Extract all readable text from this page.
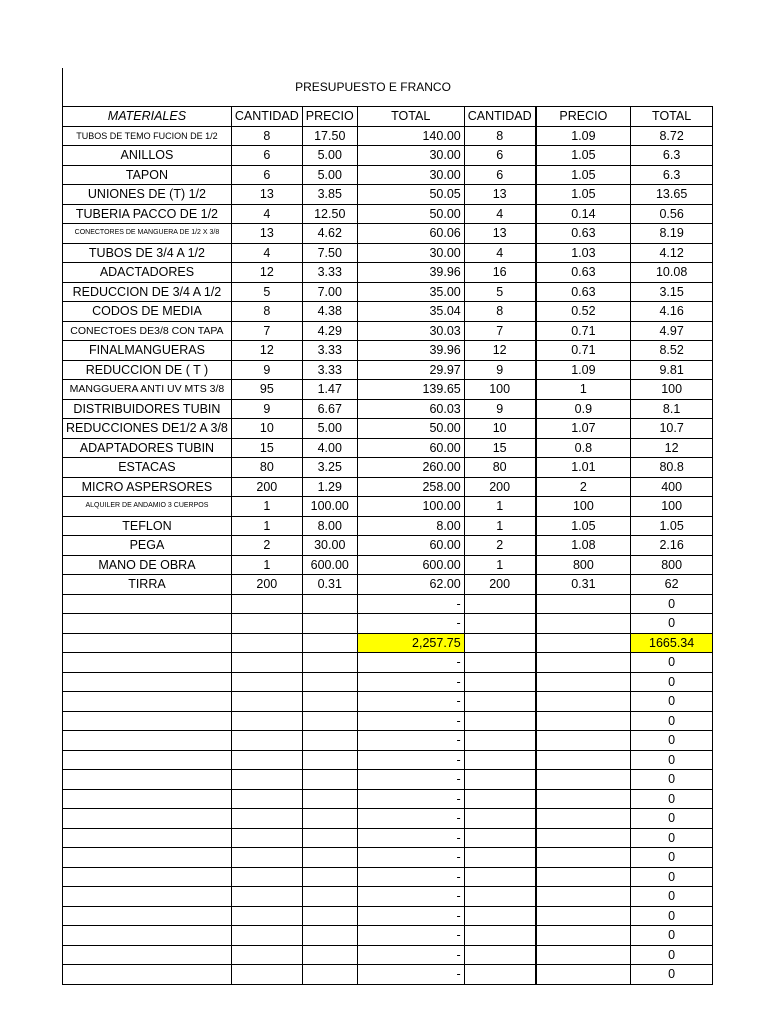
PRESUPUESTO E FRANCO
MATERIALES	CANTIDAD	PRECIO	TOTAL	CANTIDAD	PRECIO	TOTAL
TUBOS DE TEMO FUCION DE 1/2	8	17.50	140.00	8	1.09	8.72
ANILLOS	6	5.00	30.00	6	1.05	6.3
TAPON	6	5.00	30.00	6	1.05	6.3
UNIONES DE (T) 1/2	13	3.85	50.05	13	1.05	13.65
TUBERIA PACCO DE 1/2	4	12.50	50.00	4	0.14	0.56
CONECTORES DE MANGUERA DE 1/2 X 3/8	13	4.62	60.06	13	0.63	8.19
TUBOS DE 3/4 A 1/2	4	7.50	30.00	4	1.03	4.12
ADACTADORES	12	3.33	39.96	16	0.63	10.08
REDUCCION DE 3/4 A 1/2	5	7.00	35.00	5	0.63	3.15
CODOS DE MEDIA	8	4.38	35.04	8	0.52	4.16
CONECTOES DE3/8 CON TAPA	7	4.29	30.03	7	0.71	4.97
FINALMANGUERAS	12	3.33	39.96	12	0.71	8.52
REDUCCION DE ( T )	9	3.33	29.97	9	1.09	9.81
MANGGUERA ANTI UV MTS 3/8	95	1.47	139.65	100	1	100
DISTRIBUIDORES TUBIN	9	6.67	60.03	9	0.9	8.1
REDUCCIONES DE1/2 A 3/8	10	5.00	50.00	10	1.07	10.7
ADAPTADORES TUBIN	15	4.00	60.00	15	0.8	12
ESTACAS	80	3.25	260.00	80	1.01	80.8
MICRO ASPERSORES	200	1.29	258.00	200	2	400
ALQUILER DE ANDAMIO 3 CUERPOS	1	100.00	100.00	1	100	100
TEFLON	1	8.00	8.00	1	1.05	1.05
PEGA	2	30.00	60.00	2	1.08	2.16
MANO DE OBRA	1	600.00	600.00	1	800	800
TIRRA	200	0.31	62.00	200	0.31	62
			-			0
			-			0
			2,257.75			1665.34
			-			0
			-			0
			-			0
			-			0
			-			0
			-			0
			-			0
			-			0
			-			0
			-			0
			-			0
			-			0
			-			0
			-			0
			-			0
			-			0
			-			0
